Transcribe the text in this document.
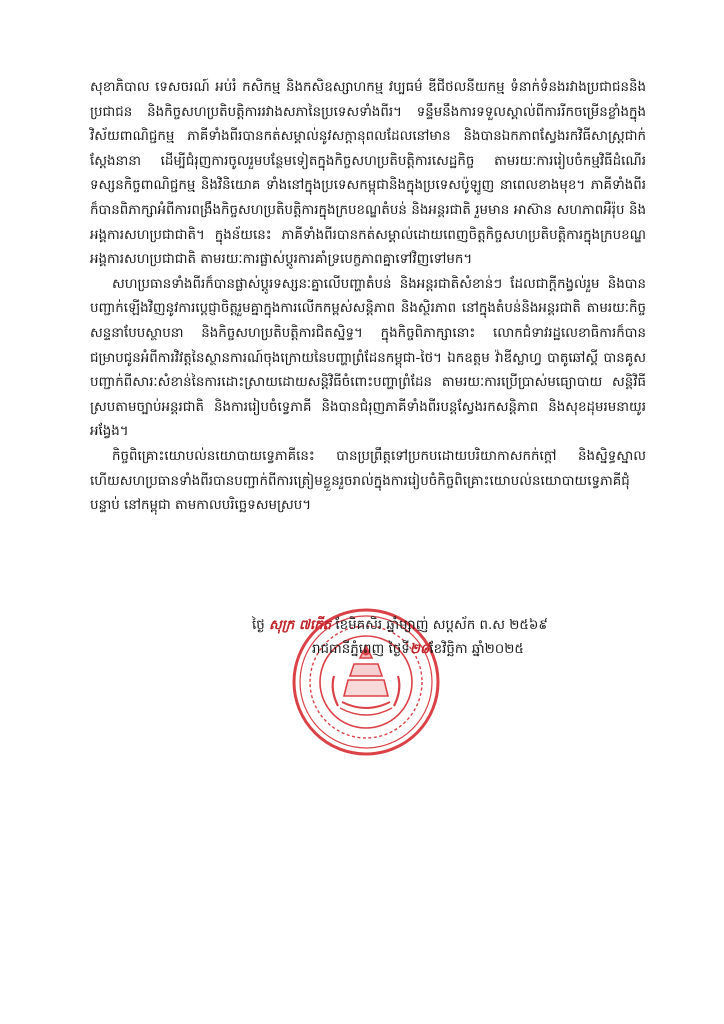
សុខាភិបាល ទេសចរណ៍ អប់រំ កសិកម្ម និងកសិឧស្សាហកម្ម វប្បធម៌ ឌីជីថលនីយកម្ម ទំនាក់ទំនងរវាងប្រជាជននិងប្រជាជន និងកិច្ចសហប្រតិបត្តិការរវាងសភានៃប្រទេសទាំងពីរ។ ទន្ទឹមនឹងការទទួលស្គាល់ពីការរីកចម្រើនខ្លាំងក្នុងវិស័យពាណិជ្ជកម្ម ភាគីទាំងពីរបានកត់សម្គាល់នូវសក្តានុពលដែលនៅមាន និងបានឯកភាពស្វែងរកវិធីសាស្ត្រជាក់ស្តែងនានា ដើម្បីជំរុញការចូលរួមបន្ថែមទៀតក្នុងកិច្ចសហប្រតិបត្តិការសេដ្ឋកិច្ច តាមរយៈការរៀបចំកម្មវិធីដំណើរទស្សនកិច្ចពាណិជ្ជកម្ម និងវិនិយោគ ទាំងនៅក្នុងប្រទេសកម្ពុជានិងក្នុងប្រទេសប៉ូឡូញ នាពេលខាងមុខ។ ភាគីទាំងពីរក៏បានពិភាក្សាអំពីការពង្រឹងកិច្ចសហប្រតិបត្តិការក្នុងក្របខណ្ឌតំបន់ និងអន្តរជាតិ រួមមាន អាស៊ាន សហភាពអឺរ៉ុប និងអង្គការសហប្រជាជាតិ។ ក្នុងន័យនេះ ភាគីទាំងពីរបានកត់សម្គាល់ដោយពេញចិត្តកិច្ចសហប្រតិបត្តិការក្នុងក្របខណ្ឌអង្គការសហប្រជាជាតិ តាមរយៈការផ្លាស់ប្តូរការគាំទ្របេក្ខភាពគ្នាទៅវិញទៅមក។

សហប្រធានទាំងពីរក៏បានផ្លាស់ប្តូរទស្សនៈគ្នាលើបញ្ហាតំបន់ និងអន្តរជាតិសំខាន់ៗ ដែលជាក្តីកង្វល់រួម និងបានបញ្ជាក់ឡើងវិញនូវការប្តេជ្ញាចិត្តរួមគ្នាក្នុងការលើកកម្ពស់សន្តិភាព និងស្ថិរភាព នៅក្នុងតំបន់និងអន្តរជាតិ តាមរយៈកិច្ចសន្ទនាបែបស្ថាបនា និងកិច្ចសហប្រតិបត្តិការជិតស្និទ្ធ។ ក្នុងកិច្ចពិភាក្សានោះ លោកជំទាវរដ្ឋលេខាធិការក៏បានជម្រាបជូនអំពីការវិវត្តនៃស្ថានការណ៍ចុងក្រោយនៃបញ្ហាព្រំដែនកម្ពុជា-ថៃ។ ឯកឧត្តម វ៉ាឌីស្លាហ្វ បាតូឆៅស្គី បានគូសបញ្ជាក់ពីសារៈសំខាន់នៃការដោះស្រាយដោយសន្តិវិធីចំពោះបញ្ហាព្រំដែន តាមរយៈការប្រើប្រាស់មធ្យោបាយ សន្តិវិធីស្របតាមច្បាប់អន្តរជាតិ និងការរៀបចំទ្វេភាគី និងបានជំរុញភាគីទាំងពីរបន្តស្វែងរកសន្តិភាព និងសុខដុមរមនាយូរអង្វែង។

កិច្ចពិគ្រោះយោបល់នយោបាយទ្វេភាគីនេះ បានប្រព្រឹត្តទៅប្រកបដោយបរិយាកាសកក់ក្តៅ និងស្និទ្ធស្នាល ហើយសហប្រធានទាំងពីរបានបញ្ជាក់ពីការត្រៀមខ្លួនរួចរាល់ក្នុងការរៀបចំកិច្ចពិគ្រោះយោបល់នយោបាយទ្វេភាគីជុំបន្ទាប់ នៅកម្ពុជា តាមកាលបរិច្ឆេទសមស្រប។

ថ្ងៃ សុក្រ ៧កើត ខែមិគសិរ ឆ្នាំម្សាញ់ សប្តស័ក ព.ស ២៥៦៩
រាជធានីភ្នំពេញ ថ្ងៃទី២៨ខែវិច្ឆិកា ឆ្នាំ២០២៥
